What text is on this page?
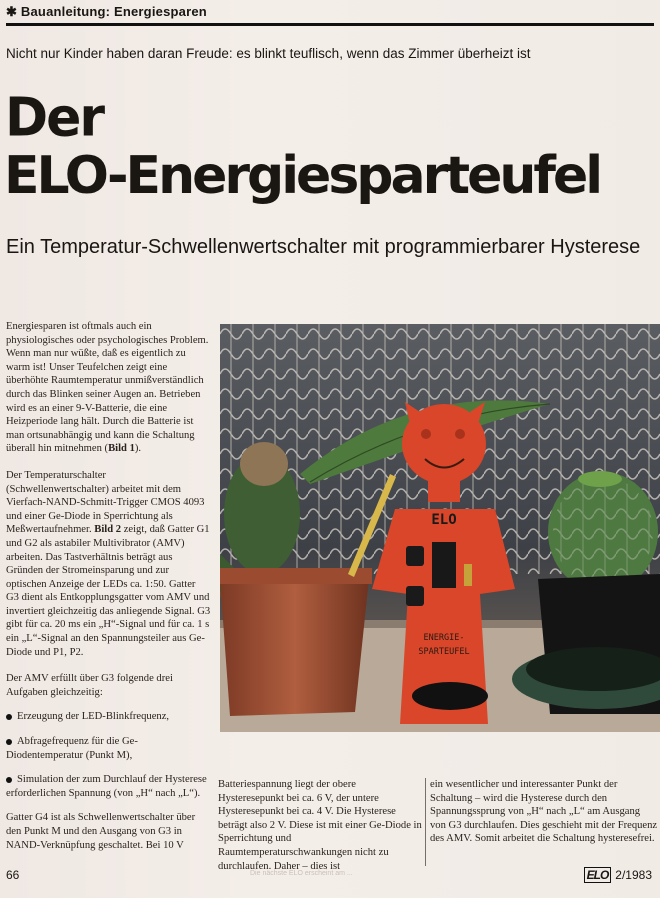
✱ Bauanleitung: Energiesparen
Nicht nur Kinder haben daran Freude: es blinkt teuflisch, wenn das Zimmer überheizt ist
Der
ELO-Energiesparteufel
Ein Temperatur-Schwellenwertschalter mit programmierbarer Hysterese

Energiesparen ist oftmals auch ein physiologisches oder psychologisches Problem. Wenn man nur wüßte, daß es eigentlich zu warm ist! Unser Teufelchen zeigt eine überhöhte Raumtemperatur unmißverständlich durch das Blinken seiner Augen an. Betrieben wird es an einer 9-V-Batterie, die eine Heizperiode lang hält. Durch die Batterie ist man ortsunabhängig und kann die Schaltung überall hin mitnehmen (Bild 1).

Der Temperaturschalter (Schwellenwertschalter) arbeitet mit dem Vierfach-NAND-Schmitt-Trigger CMOS 4093 und einer Ge-Diode in Sperrichtung als Meßwertaufnehmer. Bild 2 zeigt, daß Gatter G1 und G2 als astabiler Multivibrator (AMV) arbeiten. Das Tastverhältnis beträgt aus Gründen der Stromeinsparung und zur optischen Anzeige der LEDs ca. 1:50. Gatter G3 dient als Entkopplungsgatter vom AMV und invertiert gleichzeitig das anliegende Signal. G3 gibt für ca. 20 ms ein „H“-Signal und für ca. 1 s ein „L“-Signal an den Spannungsteiler aus Ge-Diode und P1, P2.

Der AMV erfüllt über G3 folgende drei Aufgaben gleichzeitig:

Erzeugung der LED-Blinkfrequenz,

Abfragefrequenz für die Ge-Diodentemperatur (Punkt M),

Simulation der zum Durchlauf der Hysterese erforderlichen Spannung (von „H“ nach „L“).

Gatter G4 ist als Schwellenwertschalter über den Punkt M und den Ausgang von G3 in NAND-Verknüpfung geschaltet. Bei 10 V

ELO
ENERGIE-
SPARTEUFEL
Batteriespannung liegt der obere Hysteresepunkt bei ca. 6 V, der untere Hysteresepunkt bei ca. 4 V. Die Hysterese beträgt also 2 V. Diese ist mit einer Ge-Diode in Sperrichtung und Raumtemperaturschwankungen nicht zu durchlaufen. Daher – dies ist
ein wesentlicher und interessanter Punkt der Schaltung – wird die Hysterese durch den Spannungssprung von „H“ nach „L“ am Ausgang von G3 durchlaufen. Dies geschieht mit der Frequenz des AMV. Somit arbeitet die Schaltung hysteresefrei.
66	Die nächste ELO erscheint am ...	ELO 2/1983
